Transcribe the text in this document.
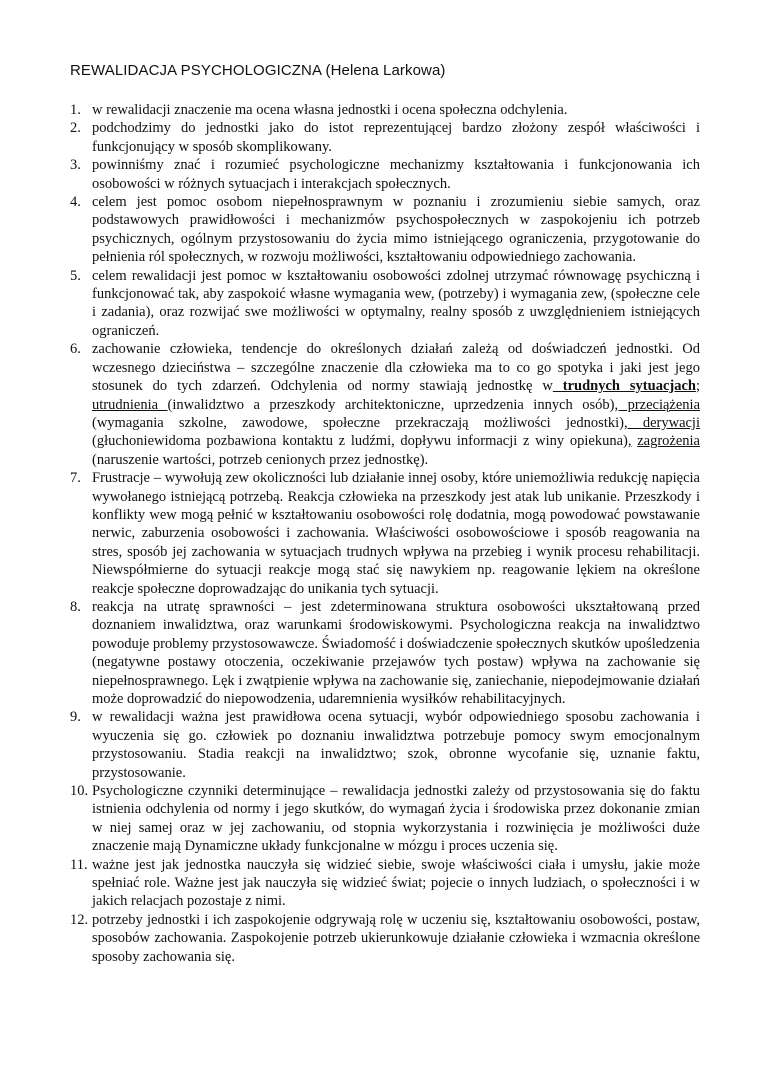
REWALIDACJA PSYCHOLOGICZNA (Helena Larkowa)
1. w rewalidacji znaczenie ma ocena własna jednostki i ocena społeczna odchylenia.
2. podchodzimy do jednostki jako do istot reprezentującej bardzo złożony zespół właściwości i funkcjonujący w sposób skomplikowany.
3. powinniśmy znać i rozumieć psychologiczne mechanizmy kształtowania i funkcjonowania ich osobowości w różnych sytuacjach i interakcjach społecznych.
4. celem jest pomoc osobom niepełnosprawnym w poznaniu i zrozumieniu siebie samych, oraz podstawowych prawidłowości i mechanizmów psychospołecznych w zaspokojeniu ich potrzeb psychicznych, ogólnym przystosowaniu do życia mimo istniejącego ograniczenia, przygotowanie do pełnienia ról społecznych, w rozwoju możliwości, kształtowaniu odpowiedniego zachowania.
5. celem rewalidacji jest pomoc w kształtowaniu osobowości zdolnej utrzymać równowagę psychiczną i funkcjonować tak, aby zaspokoić własne wymagania wew, (potrzeby) i wymagania zew, (społeczne cele i zadania), oraz rozwijać swe możliwości w optymalny, realny sposób z uwzględnieniem istniejących ograniczeń.
6. zachowanie człowieka, tendencje do określonych działań zależą od doświadczeń jednostki. Od wczesnego dzieciństwa – szczególne znaczenie dla człowieka ma to co go spotyka i jaki jest jego stosunek do tych zdarzeń. Odchylenia od normy stawiają jednostkę w trudnych sytuacjach; utrudnienia (inwalidztwo a przeszkody architektoniczne, uprzedzenia innych osób), przeciążenia (wymagania szkolne, zawodowe, społeczne przekraczają możliwości jednostki), derywacji (głuchoniewidoma pozbawiona kontaktu z ludźmi, dopływu informacji z winy opiekuna), zagrożenia (naruszenie wartości, potrzeb cenionych przez jednostkę).
7. Frustracje – wywołują zew okoliczności lub działanie innej osoby, które uniemożliwia redukcję napięcia wywołanego istniejącą potrzebą. Reakcja człowieka na przeszkody jest atak lub unikanie. Przeszkody i konflikty wew mogą pełnić w kształtowaniu osobowości rolę dodatnia, mogą powodować powstawanie nerwic, zaburzenia osobowości i zachowania. Właściwości osobowościowe i sposób reagowania na stres, sposób jej zachowania w sytuacjach trudnych wpływa na przebieg i wynik procesu rehabilitacji. Niewspółmierne do sytuacji reakcje mogą stać się nawykiem np. reagowanie lękiem na określone reakcje społeczne doprowadzając do unikania tych sytuacji.
8. reakcja na utratę sprawności – jest zdeterminowana struktura osobowości ukształtowaną przed doznaniem inwalidztwa, oraz warunkami środowiskowymi. Psychologiczna reakcja na inwalidztwo powoduje problemy przystosowawcze. Świadomość i doświadczenie społecznych skutków upośledzenia (negatywne postawy otoczenia, oczekiwanie przejawów tych postaw) wpływa na zachowanie się niepełnosprawnego. Lęk i zwątpienie wpływa na zachowanie się, zaniechanie, niepodejmowanie działań może doprowadzić do niepowodzenia, udaremnienia wysiłków rehabilitacyjnych.
9. w rewalidacji ważna jest prawidłowa ocena sytuacji, wybór odpowiedniego sposobu zachowania i wyuczenia się go. człowiek po doznaniu inwalidztwa potrzebuje pomocy swym emocjonalnym przystosowaniu. Stadia reakcji na inwalidztwo; szok, obronne wycofanie się, uznanie faktu, przystosowanie.
10. Psychologiczne czynniki determinujące – rewalidacja jednostki zależy od przystosowania się do faktu istnienia odchylenia od normy i jego skutków, do wymagań życia i środowiska przez dokonanie zmian w niej samej oraz w jej zachowaniu, od stopnia wykorzystania i rozwinięcia je możliwości duże znaczenie mają Dynamiczne układy funkcjonalne w mózgu i proces uczenia się.
11. ważne jest jak jednostka nauczyła się widzieć siebie, swoje właściwości ciała i umysłu, jakie może spełniać role. Ważne jest jak nauczyła się widzieć świat; pojecie o innych ludziach, o społeczności i w jakich relacjach pozostaje z nimi.
12. potrzeby jednostki i ich zaspokojenie odgrywają rolę w uczeniu się, kształtowaniu osobowości, postaw, sposobów zachowania. Zaspokojenie potrzeb ukierunkowuje działanie człowieka i wzmacnia określone sposoby zachowania się.
